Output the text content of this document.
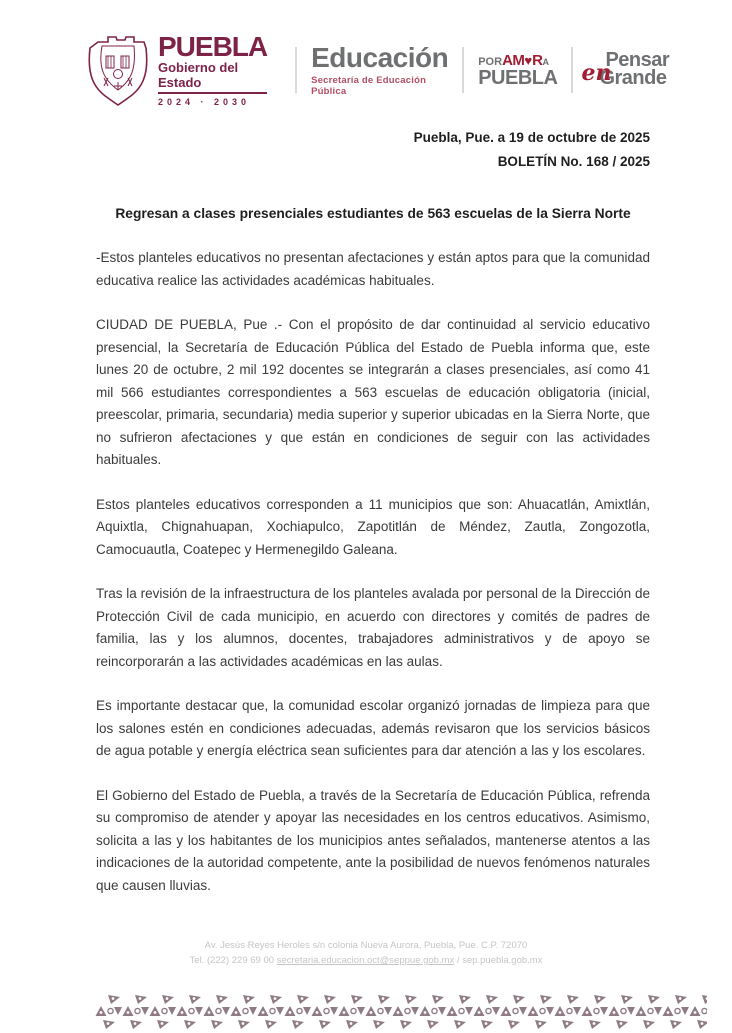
PUEBLA
Gobierno del Estado
2024 · 2030
Educación
Secretaría de Educación Pública
PORAM♥RA
PUEBLA
Pensar
Grande
en
Puebla, Pue. a 19 de octubre de 2025
BOLETÍN No. 168 / 2025
Regresan a clases presenciales estudiantes de 563 escuelas de la Sierra Norte

-Estos planteles educativos no presentan afectaciones y están aptos para que la comunidad educativa realice las actividades académicas habituales.

CIUDAD DE PUEBLA, Pue .- Con el propósito de dar continuidad al servicio educativo presencial, la Secretaría de Educación Pública del Estado de Puebla informa que, este lunes 20 de octubre, 2 mil 192 docentes se integrarán a clases presenciales, así como 41 mil 566 estudiantes correspondientes a 563 escuelas de educación obligatoria (inicial, preescolar, primaria, secundaria) media superior y superior ubicadas en la Sierra Norte, que no sufrieron afectaciones y que están en condiciones de seguir con las actividades habituales.

Estos planteles educativos corresponden a 11 municipios que son: Ahuacatlán, Amixtlán, Aquixtla, Chignahuapan, Xochiapulco, Zapotitlán de Méndez, Zautla, Zongozotla, Camocuautla, Coatepec y Hermenegildo Galeana.

Tras la revisión de la infraestructura de los planteles avalada por personal de la Dirección de Protección Civil de cada municipio, en acuerdo con directores y comités de padres de familia, las y los alumnos, docentes, trabajadores administrativos y de apoyo se reincorporarán a las actividades académicas en las aulas.

Es importante destacar que, la comunidad escolar organizó jornadas de limpieza para que los salones estén en condiciones adecuadas, además revisaron que los servicios básicos de agua potable y energía eléctrica sean suficientes para dar atención a las y los escolares.

El Gobierno del Estado de Puebla, a través de la Secretaría de Educación Pública, refrenda su compromiso de atender y apoyar las necesidades en los centros educativos. Asimismo, solicita a las y los habitantes de los municipios antes señalados, mantenerse atentos a las indicaciones de la autoridad competente, ante la posibilidad de nuevos fenómenos naturales que causen lluvias.

Av. Jesús Reyes Heroles s/n colonia Nueva Aurora, Puebla, Pue. C.P. 72070
Tel. (222) 229 69 00 secretaria.educacion.oct@seppue.gob.mx / sep.puebla.gob.mx
